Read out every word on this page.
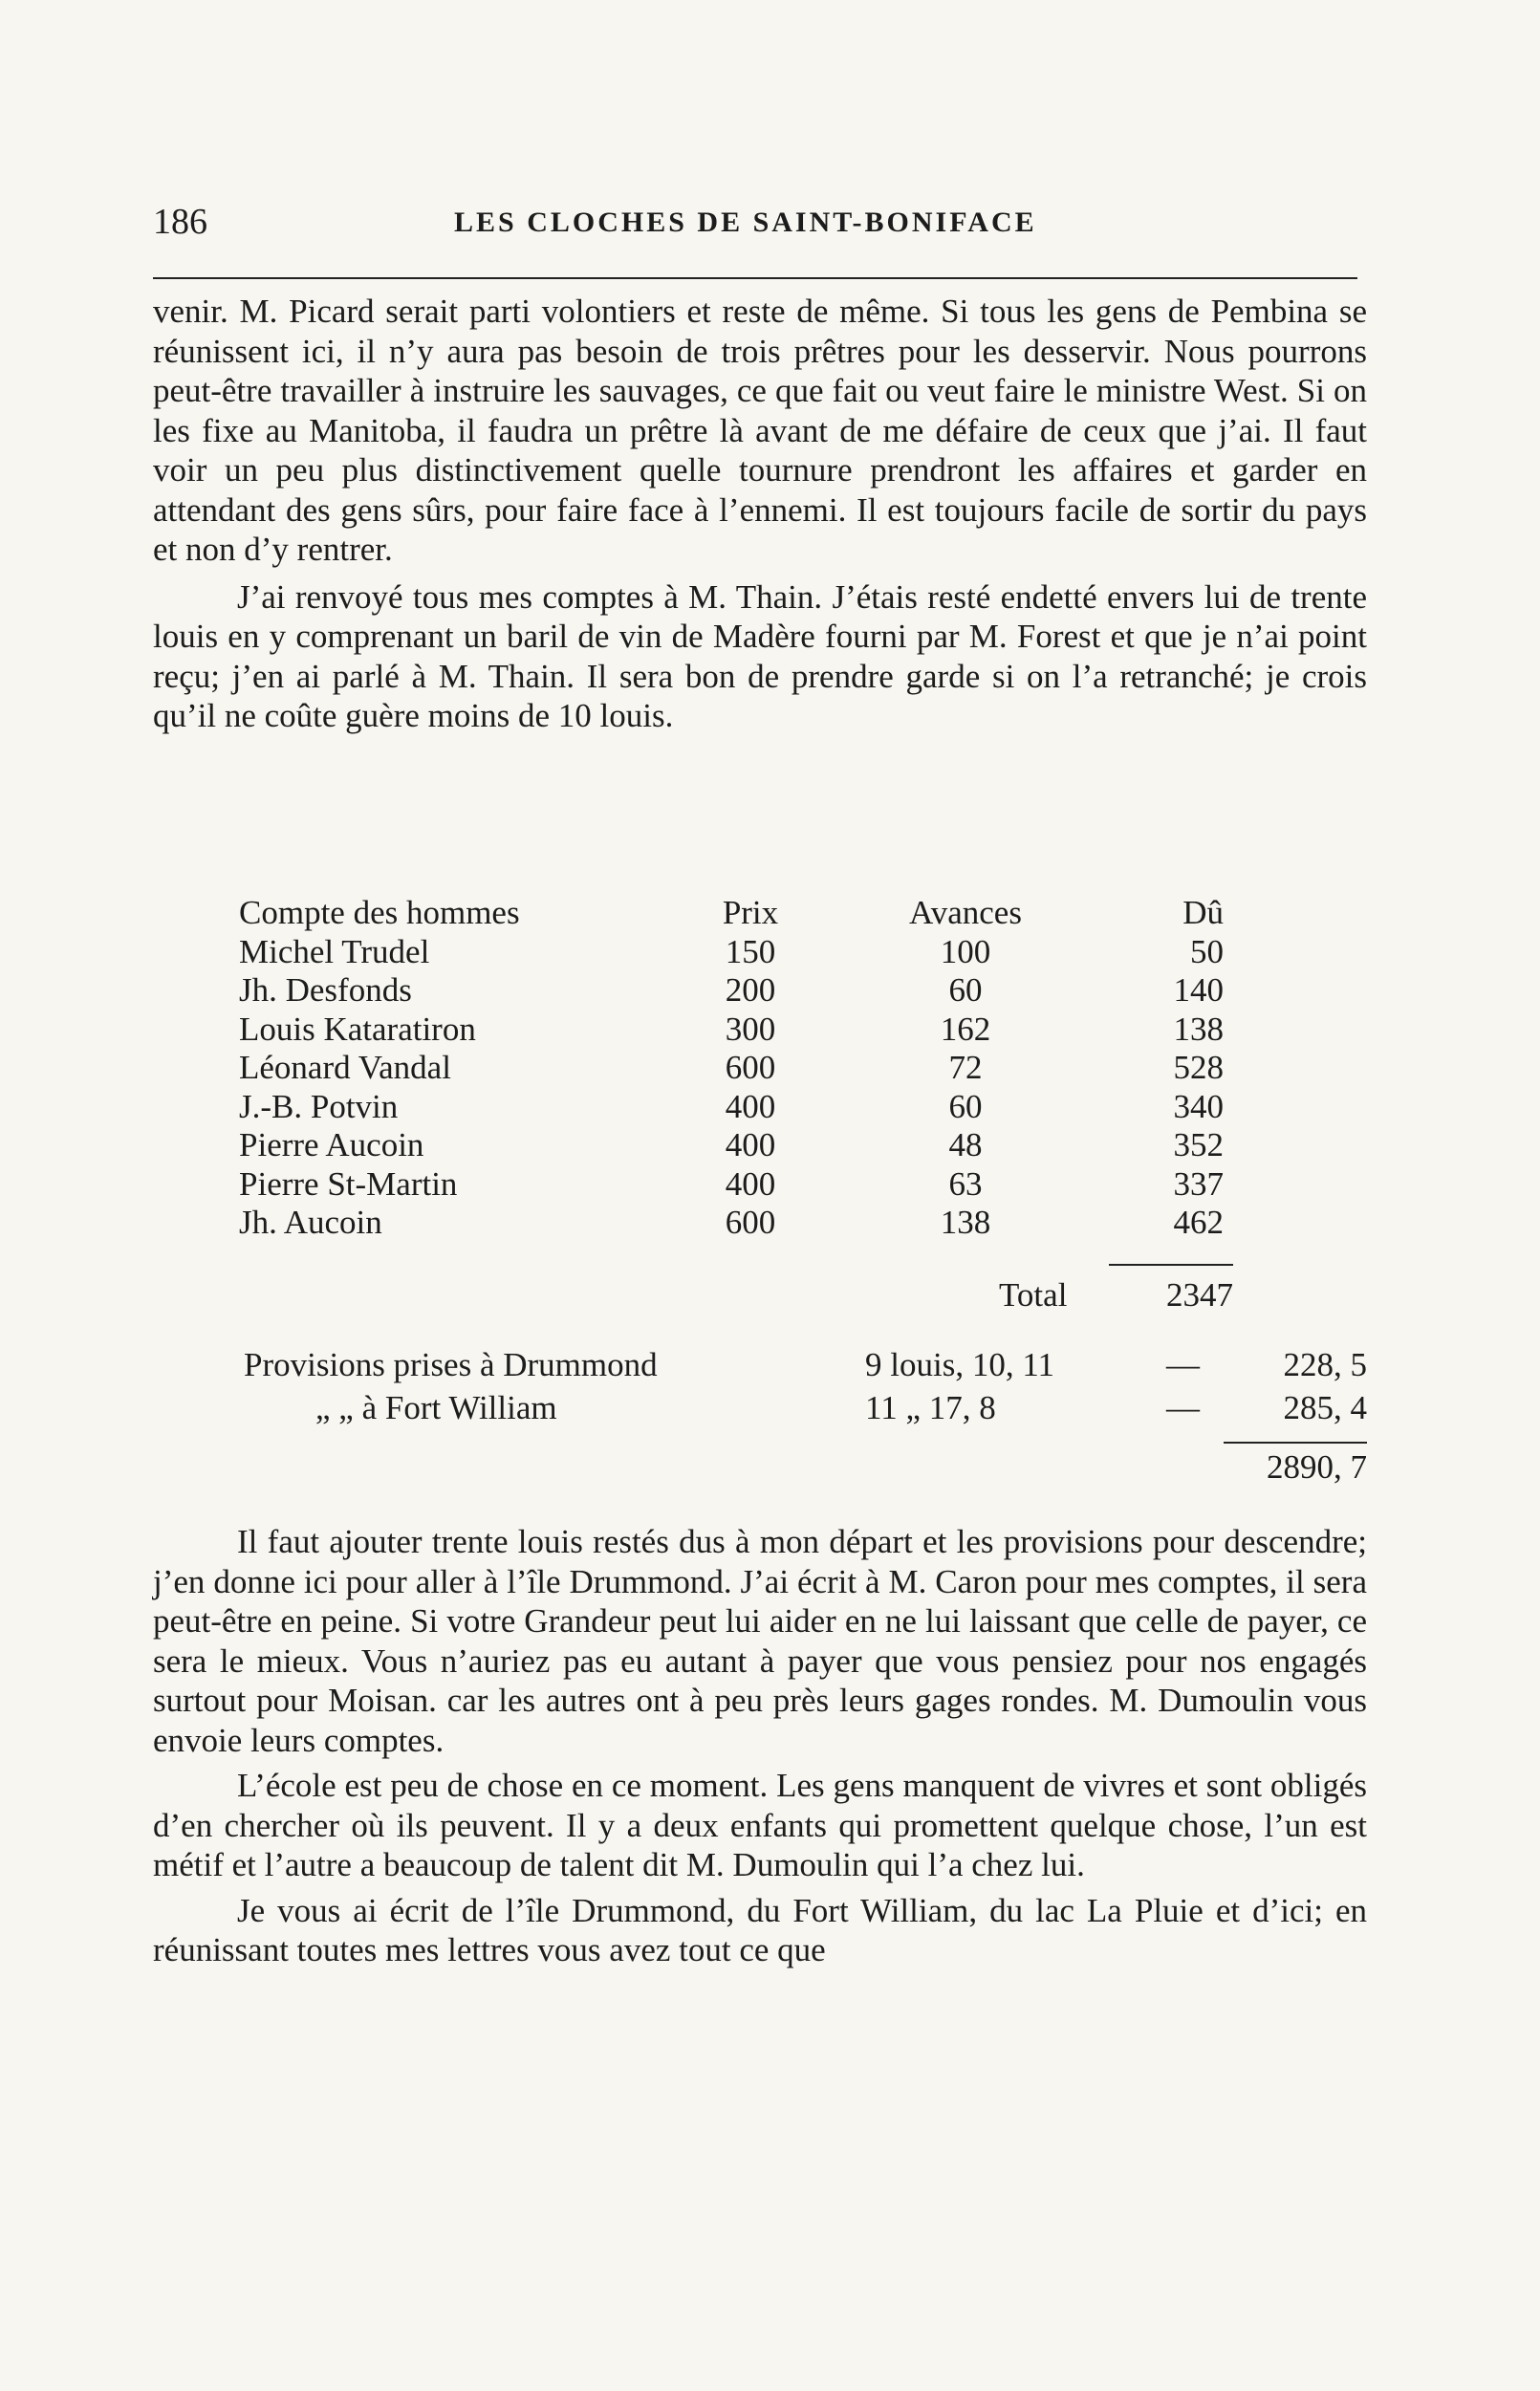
186	LES CLOCHES DE SAINT-BONIFACE

venir. M. Picard serait parti volontiers et reste de même. Si tous les gens de Pembina se réunissent ici, il n’y aura pas besoin de trois prêtres pour les desservir. Nous pourrons peut-être travailler à instruire les sauvages, ce que fait ou veut faire le ministre West. Si on les fixe au Manitoba, il faudra un prêtre là avant de me défaire de ceux que j’ai. Il faut voir un peu plus distinctivement quelle tournure prendront les affaires et garder en attendant des gens sûrs, pour faire face à l’ennemi. Il est toujours facile de sortir du pays et non d’y rentrer.

J’ai renvoyé tous mes comptes à M. Thain. J’étais resté endetté envers lui de trente louis en y comprenant un baril de vin de Madère fourni par M. Forest et que je n’ai point reçu; j’en ai parlé à M. Thain. Il sera bon de prendre garde si on l’a retranché; je crois qu’il ne coûte guère moins de 10 louis.

Compte des hommes	Prix	Avances	Dû
Michel Trudel	150	100	50
Jh. Desfonds	200	60	140
Louis Kataratiron	300	162	138
Léonard Vandal	600	72	528
J.-B. Potvin	400	60	340
Pierre Aucoin	400	48	352
Pierre St-Martin	400	63	337
Jh. Aucoin	600	138	462
Total	2347
Provisions prises à Drummond	9 louis, 10, 11	—	228, 5
„ „ à Fort William	11 „ 17, 8	—	285, 4
2890, 7

Il faut ajouter trente louis restés dus à mon départ et les provisions pour descendre; j’en donne ici pour aller à l’île Drummond. J’ai écrit à M. Caron pour mes comptes, il sera peut-être en peine. Si votre Grandeur peut lui aider en ne lui laissant que celle de payer, ce sera le mieux. Vous n’auriez pas eu autant à payer que vous pensiez pour nos engagés surtout pour Moisan. car les autres ont à peu près leurs gages rondes. M. Dumoulin vous envoie leurs comptes.

L’école est peu de chose en ce moment. Les gens manquent de vivres et sont obligés d’en chercher où ils peuvent. Il y a deux enfants qui promettent quelque chose, l’un est métif et l’autre a beaucoup de talent dit M. Dumoulin qui l’a chez lui.

Je vous ai écrit de l’île Drummond, du Fort William, du lac La Pluie et d’ici; en réunissant toutes mes lettres vous avez tout ce que
